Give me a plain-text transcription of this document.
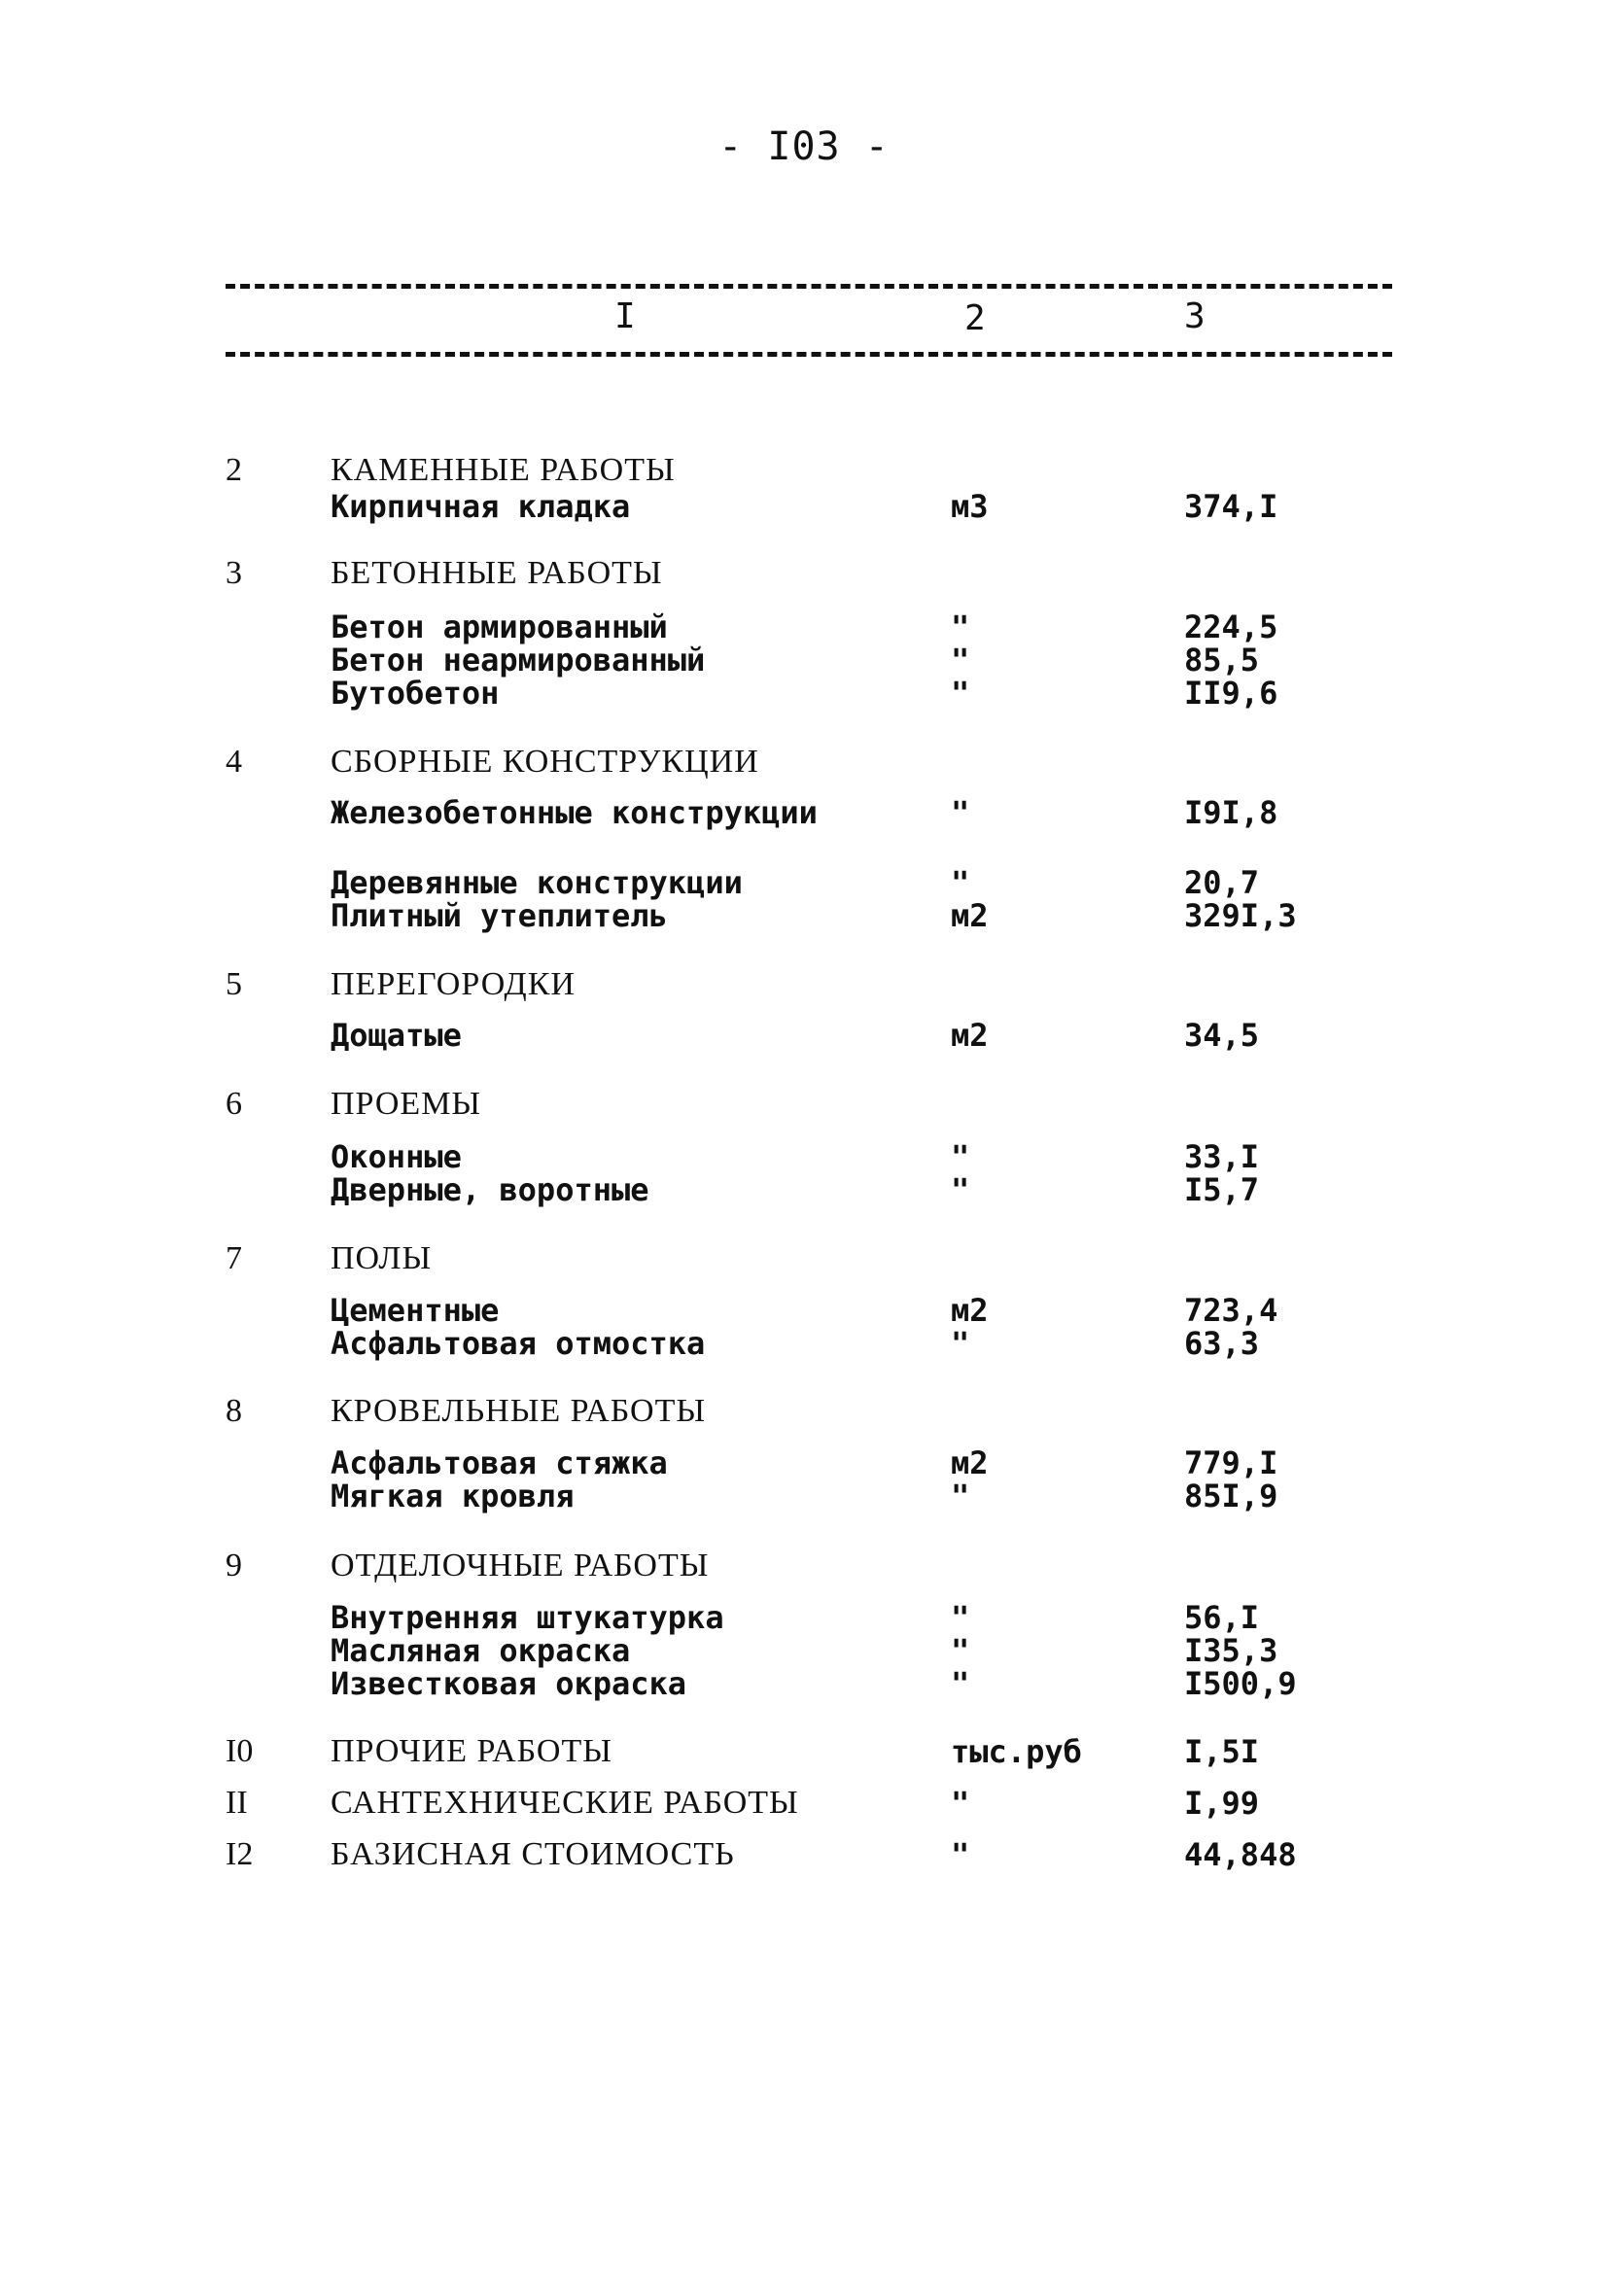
- I03 -
I	2	3
2	КАМЕННЫЕ РАБОТЫ
Кирпичная кладка	м3	374,I
3	БЕТОННЫЕ РАБОТЫ
Бетон армированный	"	224,5
Бетон неармированный	"	85,5
Бутобетон	"	II9,6
4	СБОРНЫЕ КОНСТРУКЦИИ
Железобетонные конструкции	"	I9I,8
Деревянные конструкции	"	20,7
Плитный утеплитель	м2	329I,3
5	ПЕРЕГОРОДКИ
Дощатые	м2	34,5
6	ПРОЕМЫ
Оконные	"	33,I
Дверные, воротные	"	I5,7
7	ПОЛЫ
Цементные	м2	723,4
Асфальтовая отмостка	"	63,3
8	КРОВЕЛЬНЫЕ РАБОТЫ
Асфальтовая стяжка	м2	779,I
Мягкая кровля	"	85I,9
9	ОТДЕЛОЧНЫЕ РАБОТЫ
Внутренняя штукатурка	"	56,I
Масляная окраска	"	I35,3
Известковая окраска	"	I500,9
I0 ПРОЧИЕ РАБОТЫ	тыс.руб	I,5I
II	САНТЕХНИЧЕСКИЕ РАБОТЫ	"	I,99
I2 БАЗИСНАЯ СТОИМОСТЬ	"	44,848
